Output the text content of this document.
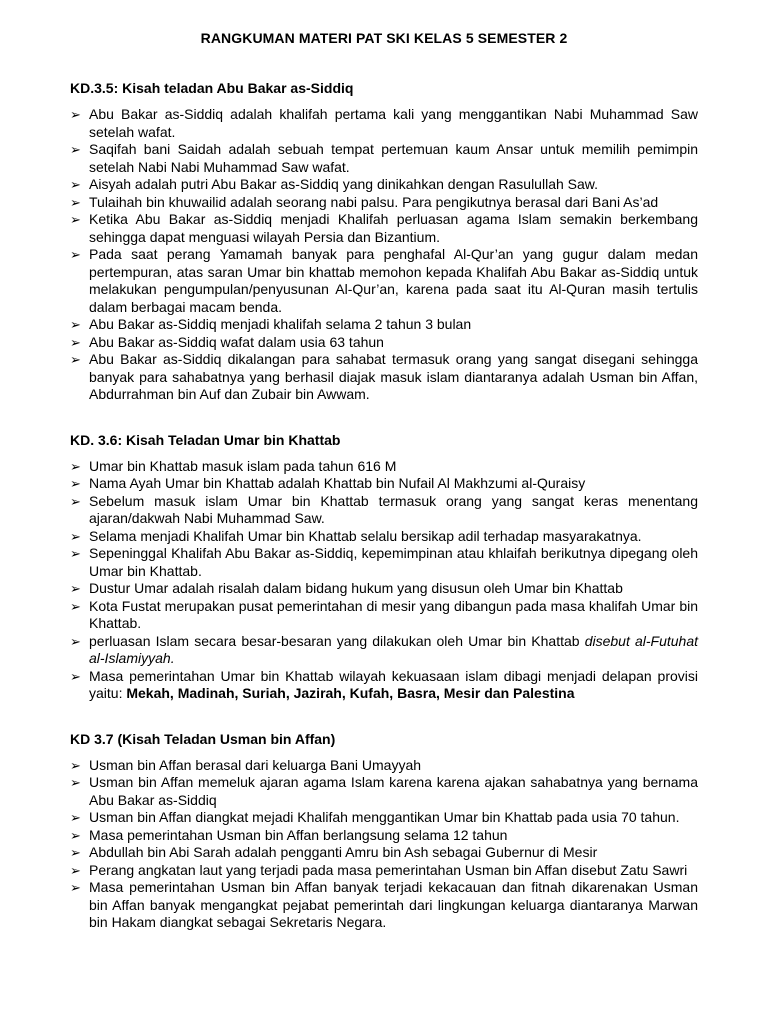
RANGKUMAN MATERI PAT SKI KELAS 5 SEMESTER 2
KD.3.5: Kisah teladan Abu Bakar as-Siddiq
➢ Abu Bakar as-Siddiq adalah khalifah pertama kali yang menggantikan Nabi Muhammad Saw setelah wafat.
➢ Saqifah bani Saidah adalah sebuah tempat pertemuan kaum Ansar untuk memilih pemimpin setelah Nabi Nabi Muhammad Saw wafat.
➢ Aisyah adalah putri Abu Bakar as-Siddiq yang dinikahkan dengan Rasulullah Saw.
➢ Tulaihah bin khuwailid adalah seorang nabi palsu. Para pengikutnya berasal dari Bani As’ad
➢ Ketika Abu Bakar as-Siddiq menjadi Khalifah perluasan agama Islam semakin berkembang sehingga dapat menguasi wilayah Persia dan Bizantium.
➢ Pada saat perang Yamamah banyak para penghafal Al-Qur’an yang gugur dalam medan pertempuran, atas saran Umar bin khattab memohon kepada Khalifah Abu Bakar as-Siddiq untuk melakukan pengumpulan/penyusunan Al-Qur’an, karena pada saat itu Al-Quran masih tertulis dalam berbagai macam benda.
➢ Abu Bakar as-Siddiq menjadi khalifah selama 2 tahun 3 bulan
➢ Abu Bakar as-Siddiq wafat dalam usia 63 tahun
➢ Abu Bakar as-Siddiq dikalangan para sahabat termasuk orang yang sangat disegani sehingga banyak para sahabatnya yang berhasil diajak masuk islam diantaranya adalah Usman bin Affan, Abdurrahman bin Auf dan Zubair bin Awwam.
KD. 3.6: Kisah Teladan Umar bin Khattab
➢ Umar bin Khattab masuk islam pada tahun 616 M
➢ Nama Ayah Umar bin Khattab adalah Khattab bin Nufail Al Makhzumi al-Quraisy
➢ Sebelum masuk islam Umar bin Khattab termasuk orang yang sangat keras menentang ajaran/dakwah Nabi Muhammad Saw.
➢ Selama menjadi Khalifah Umar bin Khattab selalu bersikap adil terhadap masyarakatnya.
➢ Sepeninggal Khalifah Abu Bakar as-Siddiq, kepemimpinan atau khlaifah berikutnya dipegang oleh Umar bin Khattab.
➢ Dustur Umar adalah risalah dalam bidang hukum yang disusun oleh Umar bin Khattab
➢ Kota Fustat merupakan pusat pemerintahan di mesir yang dibangun pada masa khalifah Umar bin Khattab.
➢ perluasan Islam secara besar-besaran yang dilakukan oleh Umar bin Khattab disebut al-Futuhat al-Islamiyyah.
➢ Masa pemerintahan Umar bin Khattab wilayah kekuasaan islam dibagi menjadi delapan provisi yaitu: Mekah, Madinah, Suriah, Jazirah, Kufah, Basra, Mesir dan Palestina
KD 3.7 (Kisah Teladan Usman bin Affan)
➢ Usman bin Affan berasal dari keluarga Bani Umayyah
➢ Usman bin Affan memeluk ajaran agama Islam karena karena ajakan sahabatnya yang bernama Abu Bakar as-Siddiq
➢ Usman bin Affan diangkat mejadi Khalifah menggantikan Umar bin Khattab pada usia 70 tahun.
➢ Masa pemerintahan Usman bin Affan berlangsung selama 12 tahun
➢ Abdullah bin Abi Sarah adalah pengganti Amru bin Ash sebagai Gubernur di Mesir
➢ Perang angkatan laut yang terjadi pada masa pemerintahan Usman bin Affan disebut Zatu Sawri
➢ Masa pemerintahan Usman bin Affan banyak terjadi kekacauan dan fitnah dikarenakan Usman bin Affan banyak mengangkat pejabat pemerintah dari lingkungan keluarga diantaranya Marwan bin Hakam diangkat sebagai Sekretaris Negara.
